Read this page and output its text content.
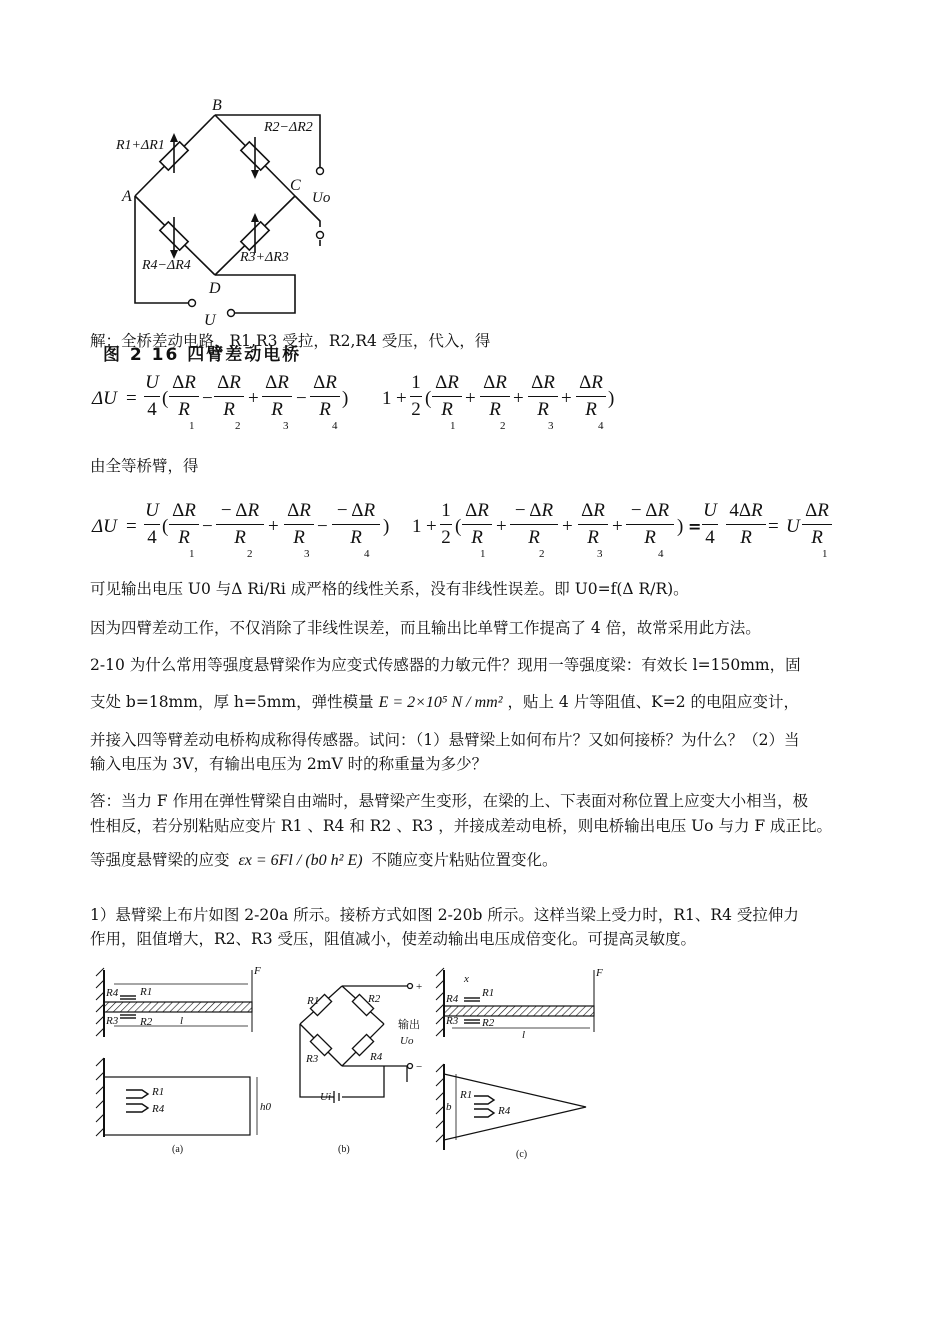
B
A
C
D
Uo
U
R1+ΔR1
R2−ΔR2
R3+ΔR3
R4−ΔR4
图 2 16 四臂差动电桥
解：全桥差动电路，R1,R3 受拉，R2,R4 受压，代入，得
ΔU =
U
4
(
ΔR
R
1
−
ΔR
R
2
+
ΔR
R
3
−
ΔR
R
4
) 1 +
1
2
(
ΔR
R
1
+
ΔR
R
2
+
ΔR
R
3
+
ΔR
R
4
)
由全等桥臂，得
ΔU =
U
4
(
ΔR
R
1
−
− ΔR
R
2
+
ΔR
R
3
−
− ΔR
R
4
) 1 +
1
2
(
ΔR
R
1
+
− ΔR
R
2
+
ΔR
R
3
+
− ΔR
R
4
) =
U
4
4ΔR
R
= U
ΔR
R
1
可见输出电压 U0 与Δ Ri/Ri 成严格的线性关系，没有非线性误差。即 U0=f(Δ R/R)。
因为四臂差动工作，不仅消除了非线性误差，而且输出比单臂工作提高了 4 倍，故常采用此方法。
2-10 为什么常用等强度悬臂梁作为应变式传感器的力敏元件？现用一等强度梁：有效长 l=150mm，固
支处 b=18mm，厚 h=5mm，弹性模量 E = 2×10⁵ N / mm² ，贴上 4 片等阻值、K=2 的电阻应变计，
并接入四等臂差动电桥构成称得传感器。试问：（1）悬臂梁上如何布片？又如何接桥？为什么？（2）当
输入电压为 3V，有输出电压为 2mV 时的称重量为多少？
答：当力 F 作用在弹性臂梁自由端时，悬臂梁产生变形，在梁的上、下表面对称位置上应变大小相当，极
性相反，若分别粘贴应变片 R1 、R4 和 R2 、R3 ，并接成差动电桥，则电桥输出电压 Uo 与力 F 成正比。
等强度悬臂梁的应变 εx = 6Fl / (b0 h² E) 不随应变片粘贴位置变化。
1）悬臂梁上布片如图 2-20a 所示。接桥方式如图 2-20b 所示。这样当梁上受力时，R1、R4 受拉伸力
作用，阻值增大，R2、R3 受压，阻值减小，使差动输出电压成倍变化。可提高灵敏度。
F
l
h0
R1
R2
R3
R4
R1
R4
Ui
Uo
输出
+
−
R1	R2
R3	R4
F
x
l
R1
R2
R3
R4
b
R1
R4
(a)	(b)	(c)
